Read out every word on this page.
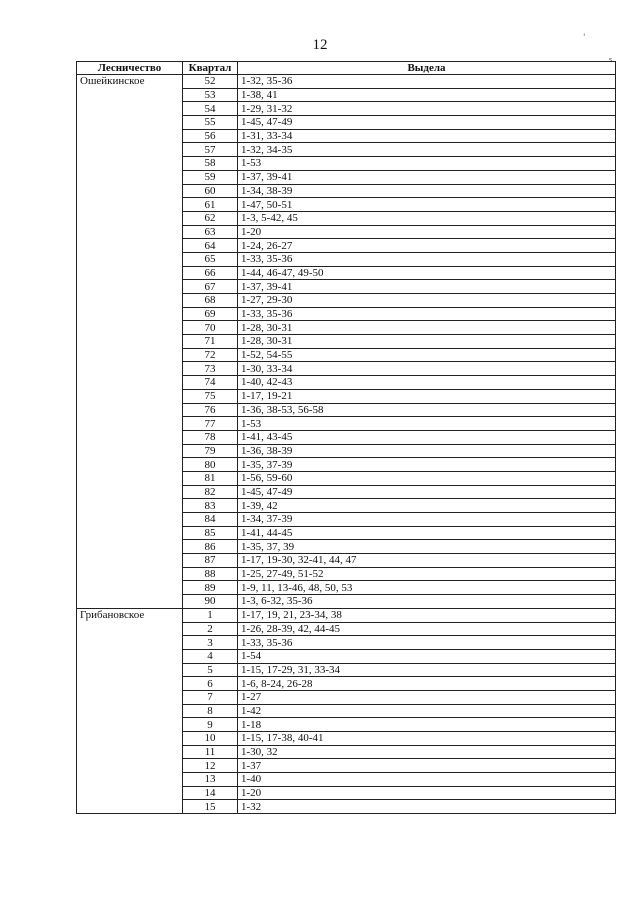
12
‘
s
Лесничество	Квартал	Выдела
Ошейкинское	52	1-32, 35-36
	53	1-38, 41
	54	1-29, 31-32
	55	1-45, 47-49
	56	1-31, 33-34
	57	1-32, 34-35
	58	1-53
	59	1-37, 39-41
	60	1-34, 38-39
	61	1-47, 50-51
	62	1-3, 5-42, 45
	63	1-20
	64	1-24, 26-27
	65	1-33, 35-36
	66	1-44, 46-47, 49-50
	67	1-37, 39-41
	68	1-27, 29-30
	69	1-33, 35-36
	70	1-28, 30-31
	71	1-28, 30-31
	72	1-52, 54-55
	73	1-30, 33-34
	74	1-40, 42-43
	75	1-17, 19-21
	76	1-36, 38-53, 56-58
	77	1-53
	78	1-41, 43-45
	79	1-36, 38-39
	80	1-35, 37-39
	81	1-56, 59-60
	82	1-45, 47-49
	83	1-39, 42
	84	1-34, 37-39
	85	1-41, 44-45
	86	1-35, 37, 39
	87	1-17, 19-30, 32-41, 44, 47
	88	1-25, 27-49, 51-52
	89	1-9, 11, 13-46, 48, 50, 53
	90	1-3, 6-32, 35-36
Грибановское	1	1-17, 19, 21, 23-34, 38
	2	1-26, 28-39, 42, 44-45
	3	1-33, 35-36
	4	1-54
	5	1-15, 17-29, 31, 33-34
	6	1-6, 8-24, 26-28
	7	1-27
	8	1-42
	9	1-18
	10	1-15, 17-38, 40-41
	11	1-30, 32
	12	1-37
	13	1-40
	14	1-20
	15	1-32
